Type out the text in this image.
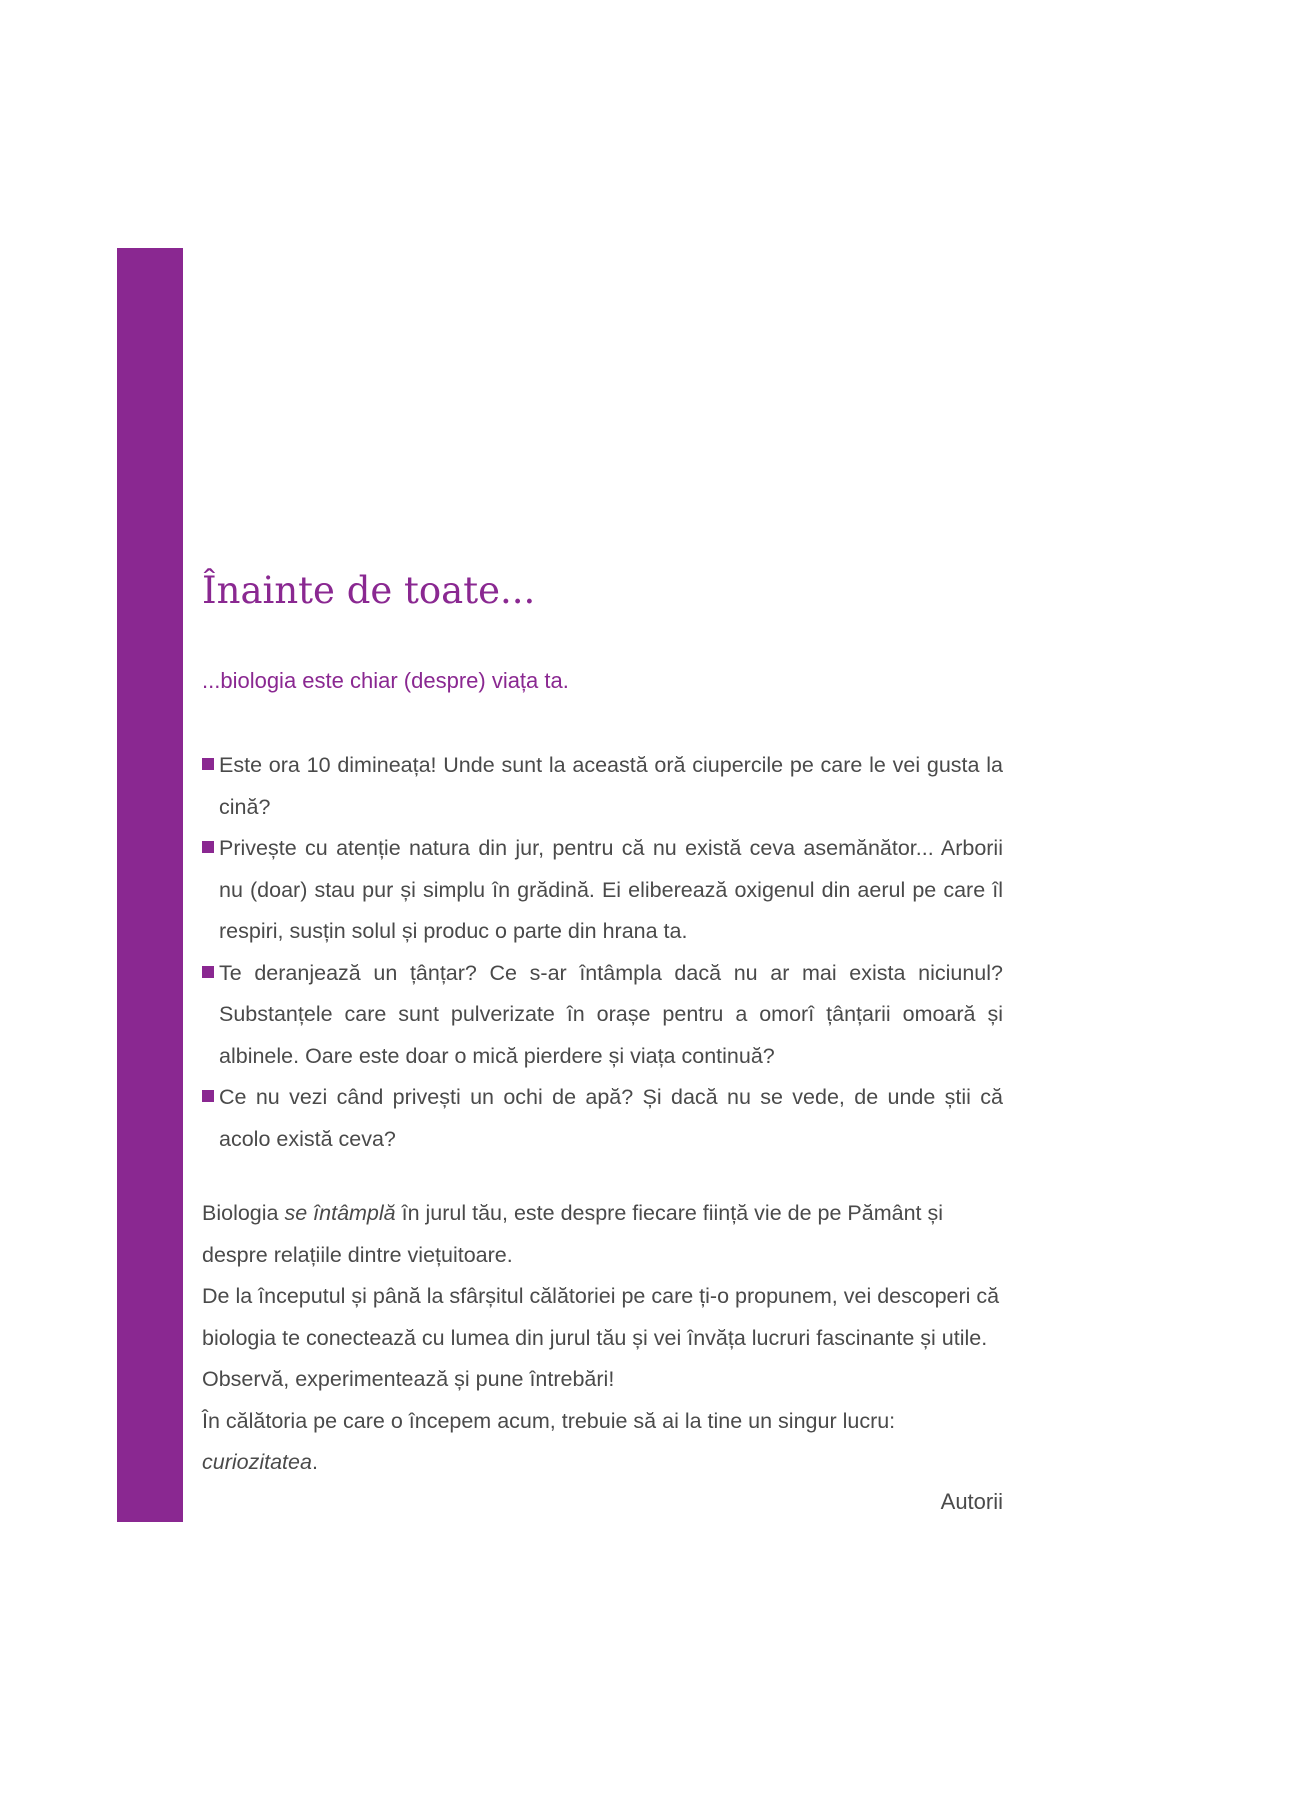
Înainte de toate...

...biologia este chiar (despre) viața ta.

Este ora 10 dimineața! Unde sunt la această oră ciupercile pe care le vei gusta la cină?
Privește cu atenție natura din jur, pentru că nu există ceva asemănător... Arborii nu (doar) stau pur și simplu în grădină. Ei eliberează oxigenul din aerul pe care îl respiri, susțin solul și produc o parte din hrana ta.
Te deranjează un țânțar? Ce s-ar întâmpla dacă nu ar mai exista niciunul? Substanțele care sunt pulverizate în orașe pentru a omorî țânțarii omoară și albinele. Oare este doar o mică pierdere și viața continuă?
Ce nu vezi când privești un ochi de apă? Și dacă nu se vede, de unde știi că acolo există ceva?

Biologia se întâmplă în jurul tău, este despre fiecare ființă vie de pe Pământ și despre relațiile dintre viețuitoare.

De la începutul și până la sfârșitul călătoriei pe care ți-o propunem, vei descoperi că biologia te conectează cu lumea din jurul tău și vei învăța lucruri fascinante și utile.

Observă, experimentează și pune întrebări!

În călătoria pe care o începem acum, trebuie să ai la tine un singur lucru: curiozitatea.

Autorii
